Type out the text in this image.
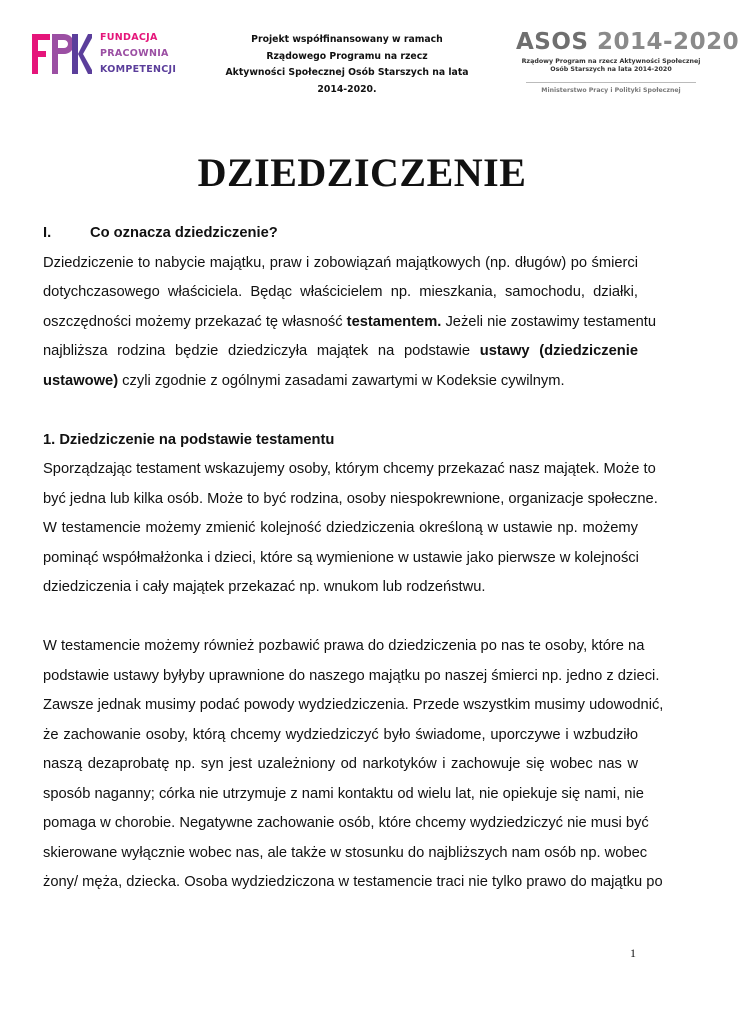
FUNDACJA
PRACOWNIA
KOMPETENCJI
Projekt współfinansowany w ramach
Rządowego Programu na rzecz
Aktywności Społecznej Osób Starszych na lata
2014-2020.
ASOS 2014-2020
Rządowy Program na rzecz Aktywności Społecznej
Osób Starszych na lata 2014-2020
Ministerstwo Pracy i Polityki Społecznej
DZIEDZICZENIE
I.	Co oznacza dziedziczenie?
Dziedziczenie to nabycie majątku, praw i zobowiązań majątkowych (np. długów) po śmierci
dotychczasowego właściciela. Będąc właścicielem np. mieszkania, samochodu, działki,
oszczędności możemy przekazać tę własność testamentem. Jeżeli nie zostawimy testamentu
najbliższa rodzina będzie dziedziczyła majątek na podstawie ustawy (dziedziczenie
ustawowe) czyli zgodnie z ogólnymi zasadami zawartymi w Kodeksie cywilnym.
1. Dziedziczenie na podstawie testamentu
Sporządzając testament wskazujemy osoby, którym chcemy przekazać nasz majątek. Może to
być jedna lub kilka osób. Może to być rodzina, osoby niespokrewnione, organizacje społeczne.
W testamencie możemy zmienić kolejność dziedziczenia określoną w ustawie np. możemy
pominąć współmałżonka i dzieci, które są wymienione w ustawie jako pierwsze w kolejności
dziedziczenia i cały majątek przekazać np. wnukom lub rodzeństwu.
W testamencie możemy również pozbawić prawa do dziedziczenia po nas te osoby, które na
podstawie ustawy byłyby uprawnione do naszego majątku po naszej śmierci np. jedno z dzieci.
Zawsze jednak musimy podać powody wydziedziczenia. Przede wszystkim musimy udowodnić,
że zachowanie osoby, którą chcemy wydziedziczyć było świadome, uporczywe i wzbudziło
naszą dezaprobatę np. syn jest uzależniony od narkotyków i zachowuje się wobec nas w
sposób naganny; córka nie utrzymuje z nami kontaktu od wielu lat, nie opiekuje się nami, nie
pomaga w chorobie. Negatywne zachowanie osób, które chcemy wydziedziczyć nie musi być
skierowane wyłącznie wobec nas, ale także w stosunku do najbliższych nam osób np. wobec
żony/ męża, dziecka. Osoba wydziedziczona w testamencie traci nie tylko prawo do majątku po
1
